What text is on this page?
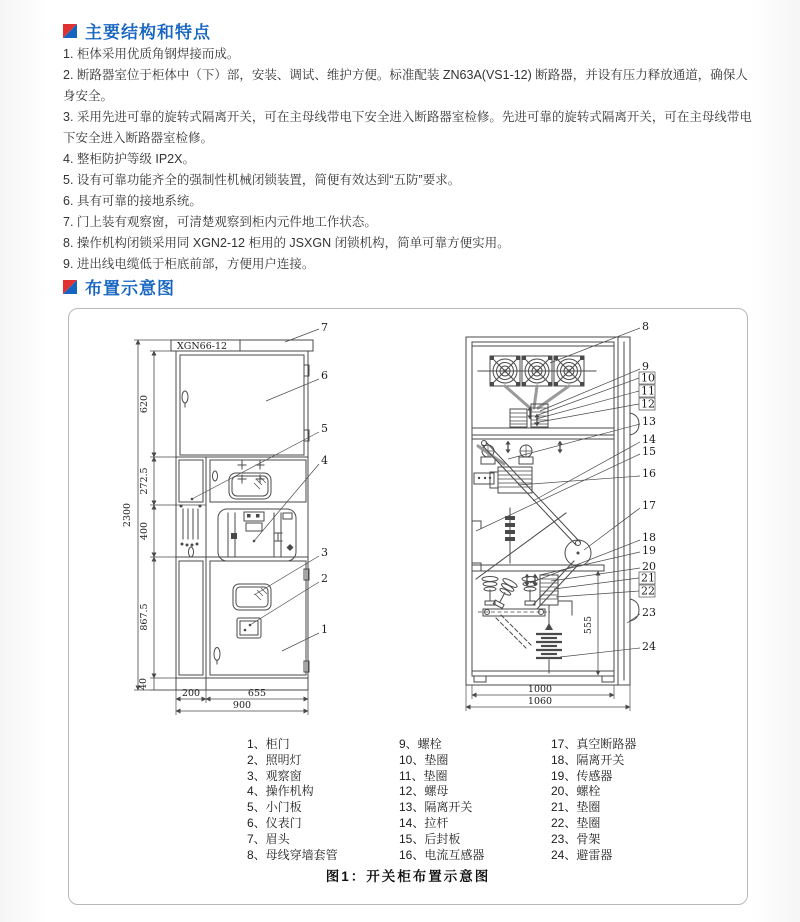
主要结构和特点
1. 柜体采用优质角钢焊接而成。
2. 断路器室位于柜体中（下）部，安装、调试、维护方便。标准配装 ZN63A(VS1-12) 断路器，并设有压力释放通道，确保人身安全。
3. 采用先进可靠的旋转式隔离开关，可在主母线带电下安全进入断路器室检修。先进可靠的旋转式隔离开关，可在主母线带电下安全进入断路器室检修。
4. 整柜防护等级 IP2X。
5. 设有可靠功能齐全的强制性机械闭锁装置，简便有效达到“五防”要求。
6. 具有可靠的接地系统。
7. 门上装有观察窗，可清楚观察到柜内元件地工作状态。
8. 操作机构闭锁采用同 XGN2-12 柜用的 JSXGN 闭锁机构，简单可靠方便实用。
9. 进出线电缆低于柜底前部，方便用户连接。
布置示意图
XGN66-12
2300
620
272.5
400
867.5
40
200	655
900
7
6
5
4
3
2
1	555
1000
1060
8
9
10
11
12
13
14
15
16
17
18
19
20
21
22
23
24
1、柜门
2、照明灯
3、观察窗
4、操作机构
5、小门板
6、仪表门
7、眉头
8、母线穿墙套管
9、螺栓
10、垫圈
11、垫圈
12、螺母
13、隔离开关
14、拉杆
15、后封板
16、电流互感器
17、真空断路器
18、隔离开关
19、传感器
20、螺栓
21、垫圈
22、垫圈
23、骨架
24、避雷器
图1：开关柜布置示意图
